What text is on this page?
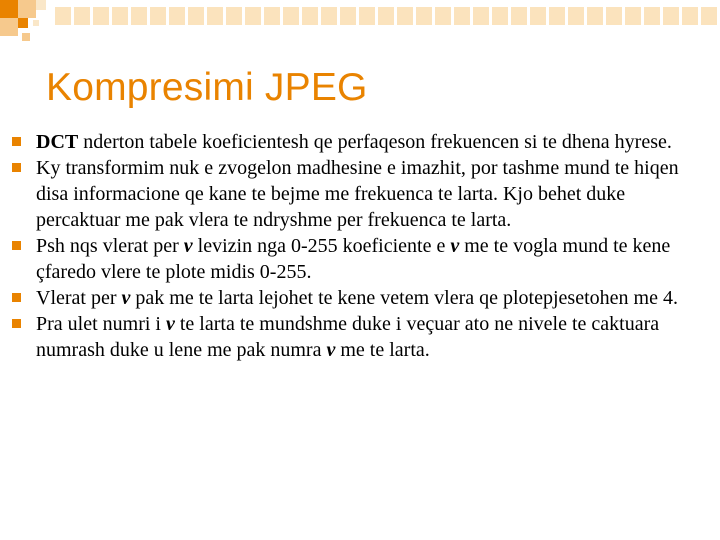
Kompresimi JPEG

DCT nderton tabele koeficientesh qe perfaqeson frekuencen si te dhena hyrese.

Ky transformim nuk e zvogelon madhesine e imazhit, por tashme mund te hiqen disa informacione qe kane te bejme me frekuenca te larta. Kjo behet duke percaktuar me pak vlera te ndryshme per frekuenca te larta.

Psh nqs vlerat per v levizin nga 0-255 koeficiente e v me te vogla mund te kene çfaredo vlere te plote midis 0-255.

Vlerat per v pak me te larta lejohet te kene vetem vlera qe plotepjesetohen me 4.

Pra ulet numri i v te larta te mundshme duke i veçuar ato ne nivele te caktuara numrash duke u lene me pak numra v me te larta.
